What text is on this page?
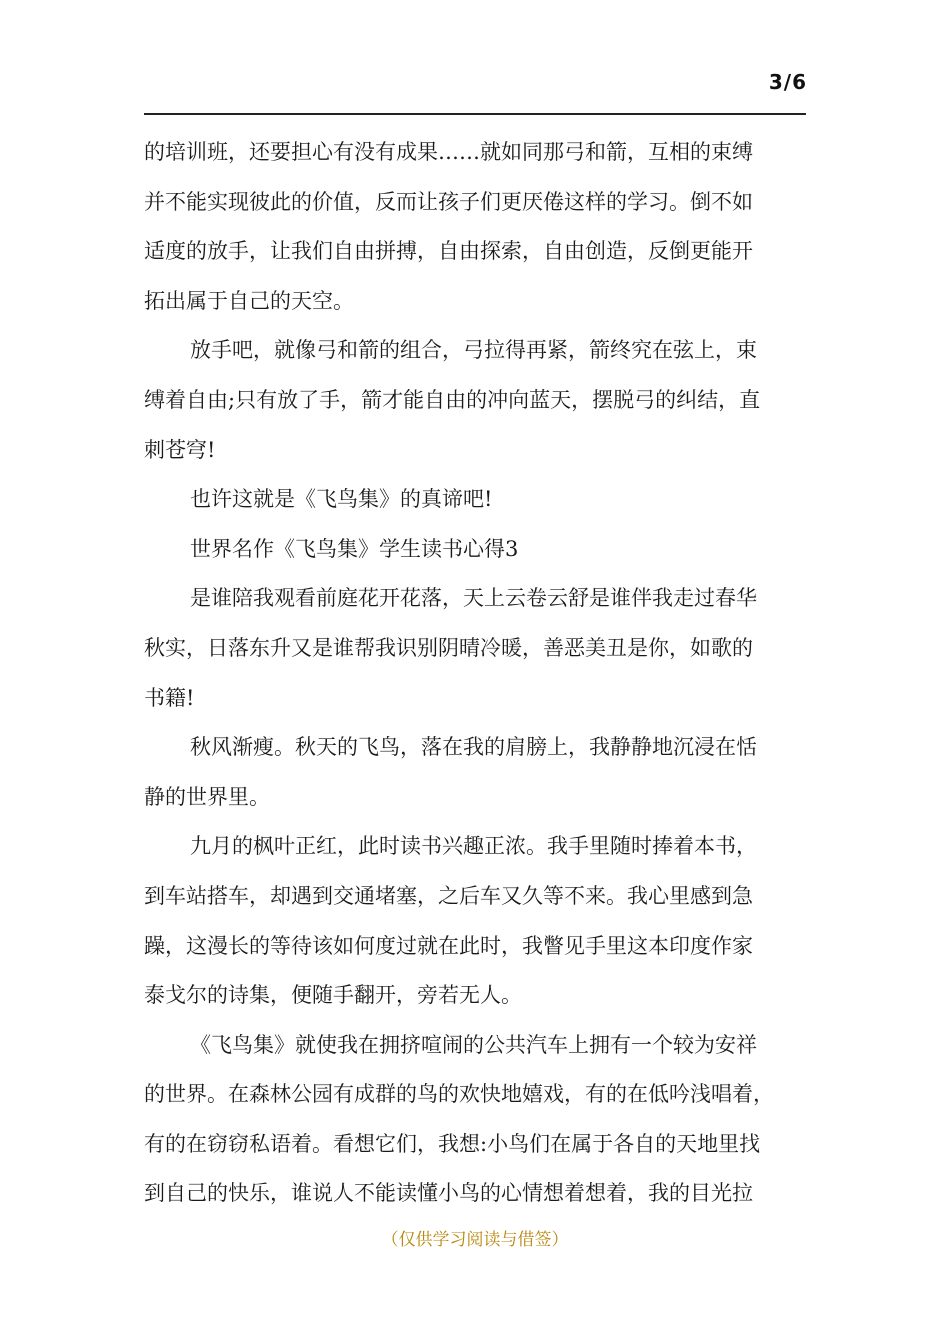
3/6
的培训班，还要担心有没有成果……就如同那弓和箭，互相的束缚
并不能实现彼此的价值，反而让孩子们更厌倦这样的学习。倒不如
适度的放手，让我们自由拼搏，自由探索，自由创造，反倒更能开
拓出属于自己的天空。
放手吧，就像弓和箭的组合，弓拉得再紧，箭终究在弦上，束
缚着自由;只有放了手，箭才能自由的冲向蓝天，摆脱弓的纠结，直
刺苍穹!
也许这就是《飞鸟集》的真谛吧!
世界名作《飞鸟集》学生读书心得3
是谁陪我观看前庭花开花落，天上云卷云舒是谁伴我走过春华
秋实，日落东升又是谁帮我识别阴晴冷暖，善恶美丑是你，如歌的
书籍!
秋风渐瘦。秋天的飞鸟，落在我的肩膀上，我静静地沉浸在恬
静的世界里。
九月的枫叶正红，此时读书兴趣正浓。我手里随时捧着本书，
到车站搭车，却遇到交通堵塞，之后车又久等不来。我心里感到急
躁，这漫长的等待该如何度过就在此时，我瞥见手里这本印度作家
泰戈尔的诗集，便随手翻开，旁若无人。
《飞鸟集》就使我在拥挤喧闹的公共汽车上拥有一个较为安祥
的世界。在森林公园有成群的鸟的欢快地嬉戏，有的在低吟浅唱着，
有的在窃窃私语着。看想它们，我想:小鸟们在属于各自的天地里找
到自己的快乐，谁说人不能读懂小鸟的心情想着想着，我的目光拉
（仅供学习阅读与借签）
